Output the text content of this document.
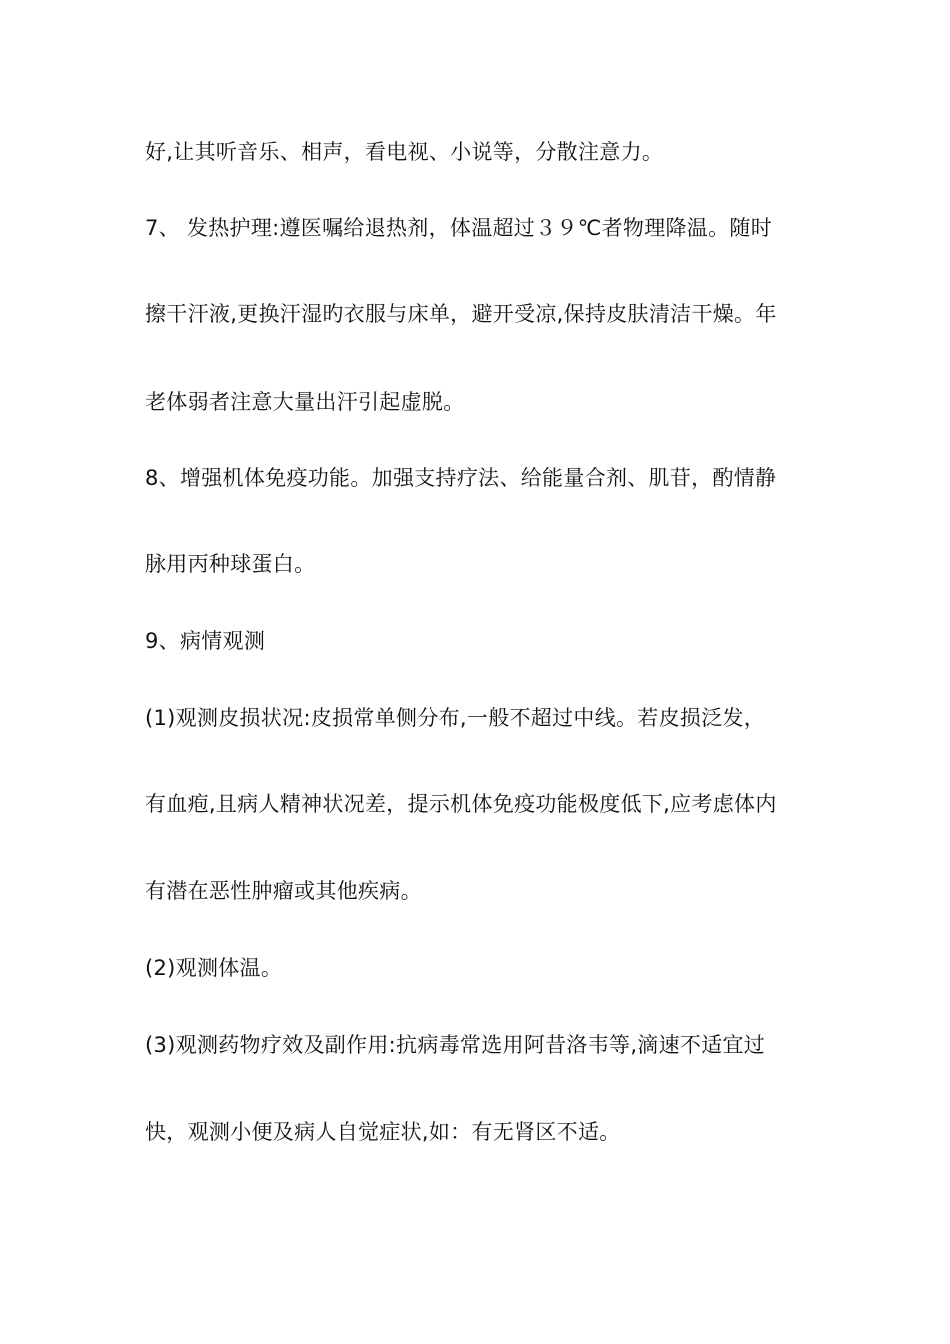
好,让其听音乐、相声，看电视、小说等，分散注意力。
7、 发热护理:遵医嘱给退热剂，体温超过３９℃者物理降温。随时
擦干汗液,更换汗湿旳衣服与床单，避开受凉,保持皮肤清洁干燥。年
老体弱者注意大量出汗引起虚脱。
8、增强机体免疫功能。加强支持疗法、给能量合剂、肌苷，酌情静
脉用丙种球蛋白。
9、病情观测
(1)观测皮损状况:皮损常单侧分布,一般不超过中线。若皮损泛发，
有血疱,且病人精神状况差，提示机体免疫功能极度低下,应考虑体内
有潜在恶性肿瘤或其他疾病。
(2)观测体温。
(3)观测药物疗效及副作用:抗病毒常选用阿昔洛韦等,滴速不适宜过
快，观测小便及病人自觉症状,如：有无肾区不适。
